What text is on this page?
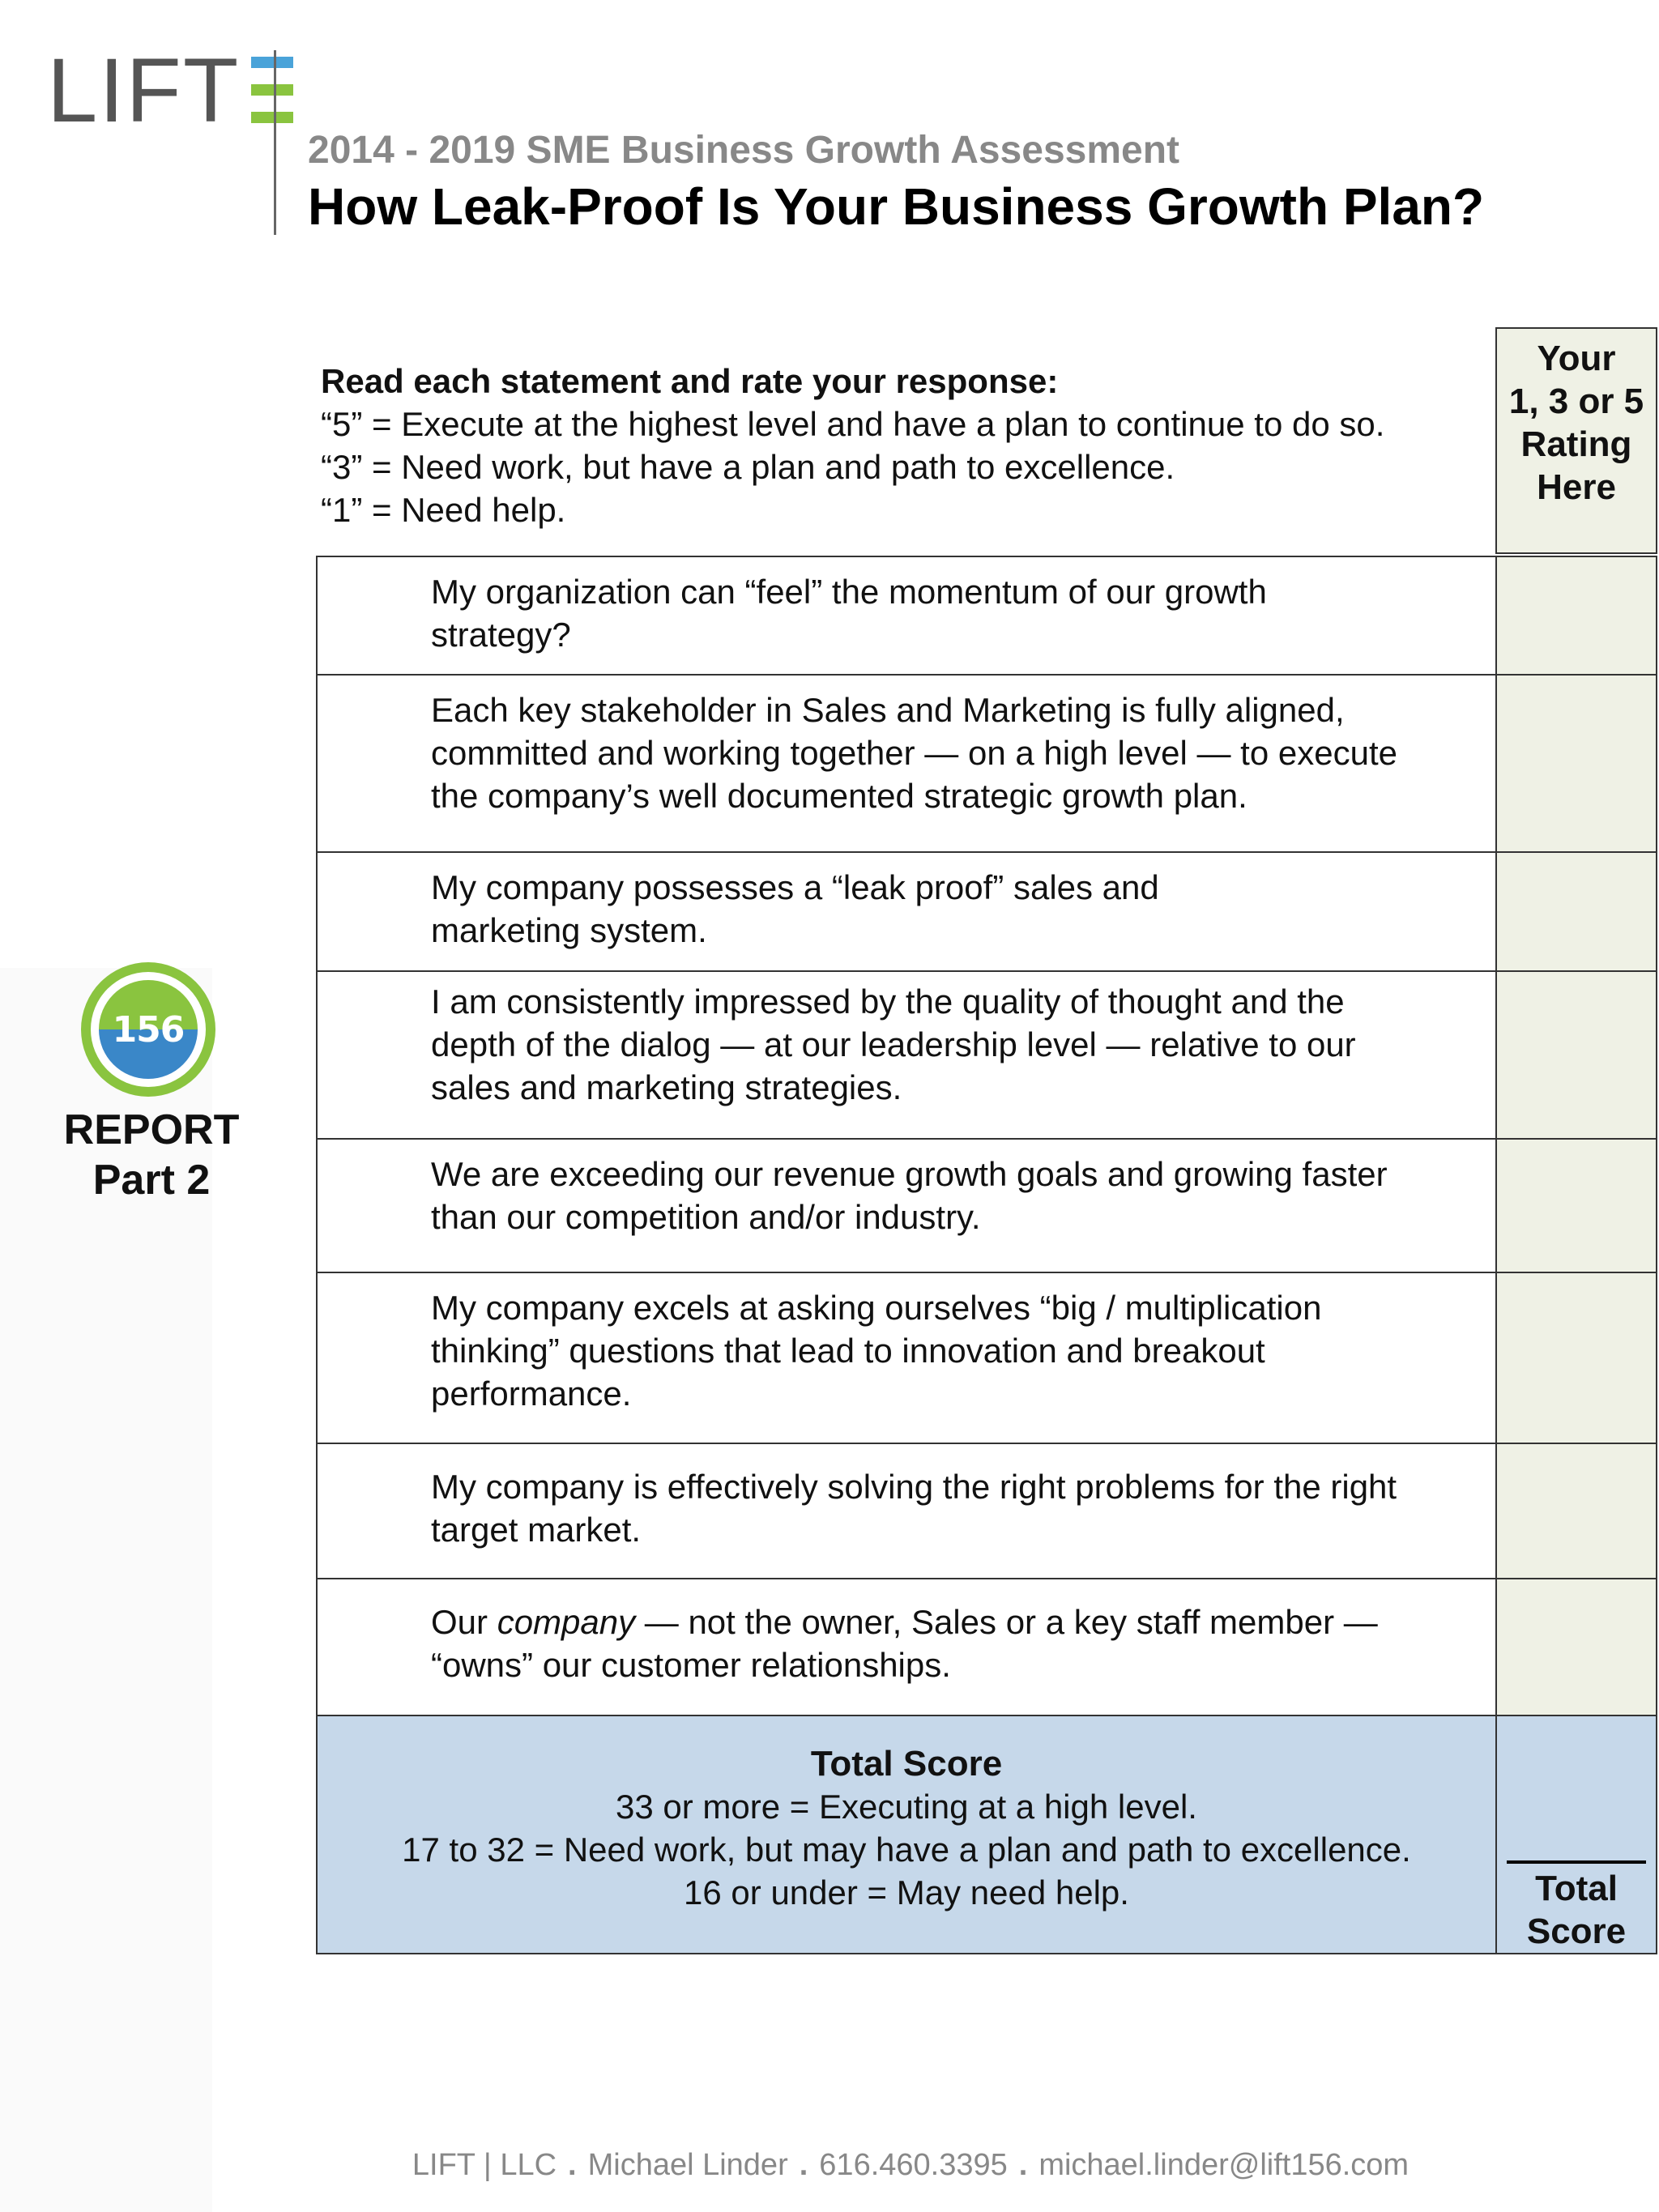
LIFT
2014 - 2019 SME Business Growth Assessment
How Leak-Proof Is Your Business Growth Plan?
156
REPORT
Part 2
Read each statement and rate your response:
“5” = Execute at the highest level and have a plan to continue to do so.
“3” = Need work, but have a plan and path to excellence.
“1” = Need help.
Your
1, 3 or 5
Rating
Here
My organization can “feel” the momentum of our growth
strategy?
Each key stakeholder in Sales and Marketing is fully aligned,
committed and working together — on a high level — to execute
the company’s well documented strategic growth plan.
My company possesses a “leak proof” sales and
marketing system.
I am consistently impressed by the quality of thought and the
depth of the dialog — at our leadership level — relative to our
sales and marketing strategies.
We are exceeding our revenue growth goals and growing faster
than our competition and/or industry.
My company excels at asking ourselves “big / multiplication
thinking” questions that lead to innovation and breakout
performance.
My company is effectively solving the right problems for the right
target market.
Our company — not the owner, Sales or a key staff member —
“owns” our customer relationships.
Total Score
33 or more = Executing at a high level.
17 to 32 = Need work, but may have a plan and path to excellence.
16 or under = May need help.	Total
Score
LIFT | LLC . Michael Linder . 616.460.3395 . michael.linder@lift156.com
